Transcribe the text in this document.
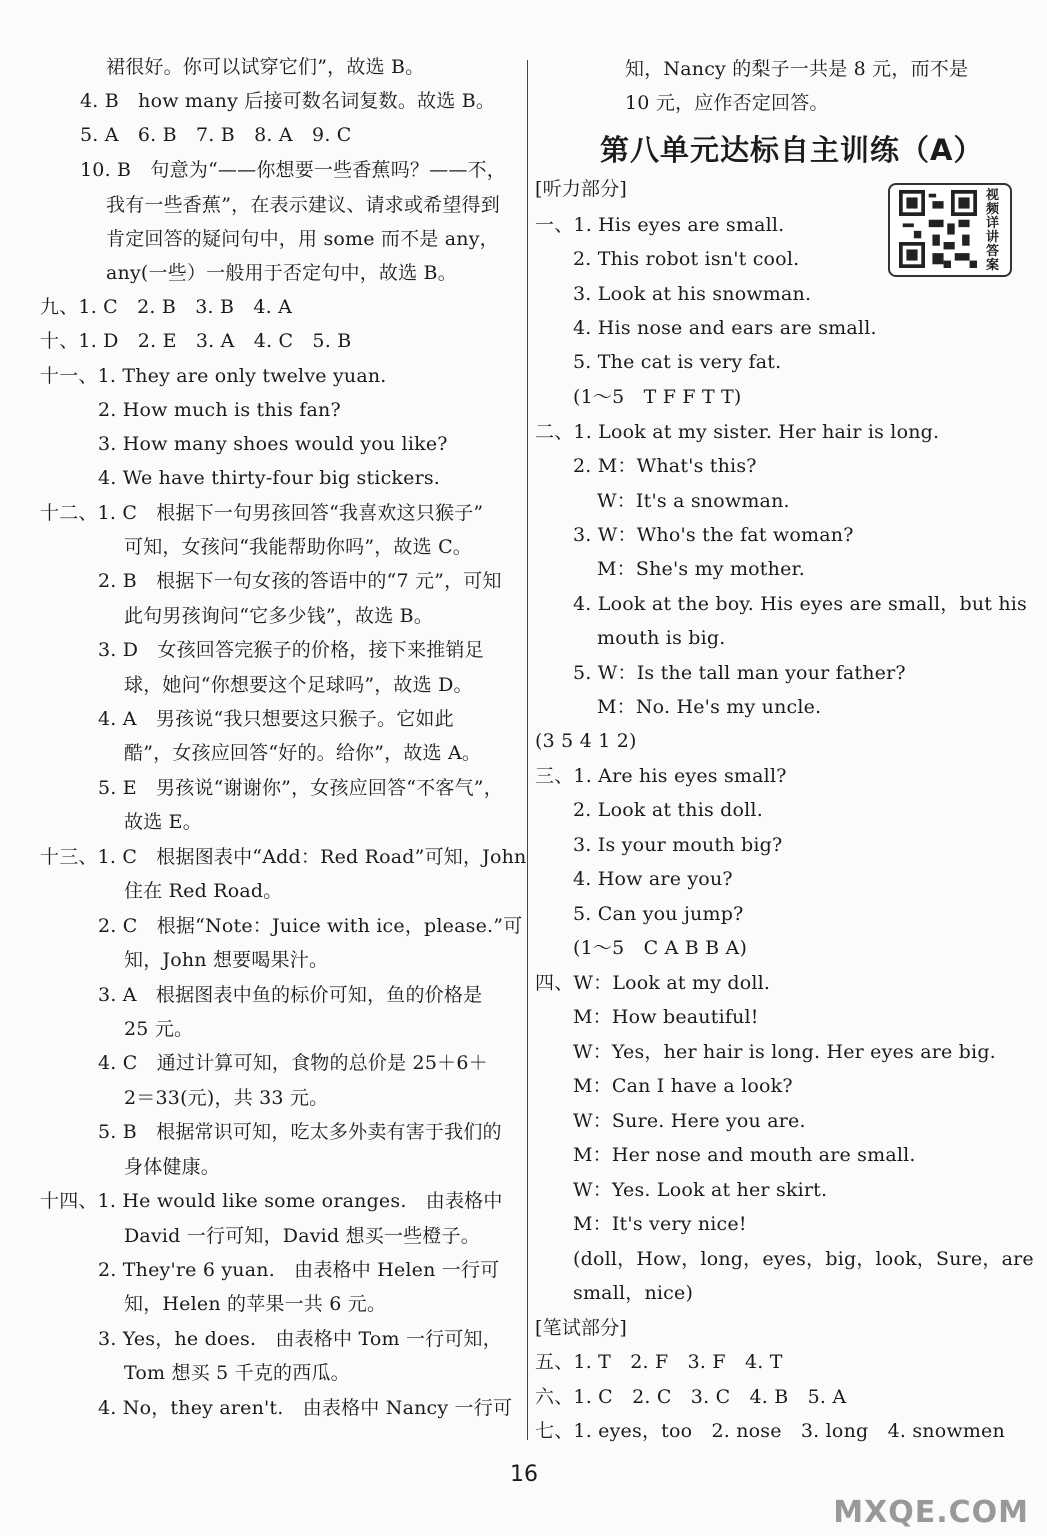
裙很好。你可以试穿它们”，故选 B。
4. B　how many 后接可数名词复数。故选 B。
5. A　6. B　7. B　8. A　9. C
10. B　句意为“——你想要一些香蕉吗？——不，
我有一些香蕉”，在表示建议、请求或希望得到
肯定回答的疑问句中，用 some 而不是 any，
any(一些）一般用于否定句中，故选 B。
九、1. C　2. B　3. B　4. A
十、1. D　2. E　3. A　4. C　5. B
十一、1. They are only twelve yuan.
2. How much is this fan?
3. How many shoes would you like?
4. We have thirty-four big stickers.
十二、1. C　根据下一句男孩回答“我喜欢这只猴子”
可知，女孩问“我能帮助你吗”，故选 C。
2. B　根据下一句女孩的答语中的“7 元”，可知
此句男孩询问“它多少钱”，故选 B。
3. D　女孩回答完猴子的价格，接下来推销足
球，她问“你想要这个足球吗”，故选 D。
4. A　男孩说“我只想要这只猴子。它如此
酷”，女孩应回答“好的。给你”，故选 A。
5. E　男孩说“谢谢你”，女孩应回答“不客气”，
故选 E。
十三、1. C　根据图表中“Add：Red Road”可知，John
住在 Red Road。
2. C　根据“Note：Juice with ice，please.”可
知，John 想要喝果汁。
3. A　根据图表中鱼的标价可知，鱼的价格是
25 元。
4. C　通过计算可知，食物的总价是 25＋6＋
2＝33(元)，共 33 元。
5. B　根据常识可知，吃太多外卖有害于我们的
身体健康。
十四、1. He would like some oranges.　由表格中
David 一行可知，David 想买一些橙子。
2. They're 6 yuan.　由表格中 Helen 一行可
知，Helen 的苹果一共 6 元。
3. Yes，he does.　由表格中 Tom 一行可知，
Tom 想买 5 千克的西瓜。
4. No，they aren't.　由表格中 Nancy 一行可
知，Nancy 的梨子一共是 8 元，而不是
10 元，应作否定回答。
[听力部分]
一、1. His eyes are small.
2. This robot isn't cool.
3. Look at his snowman.
4. His nose and ears are small.
5. The cat is very fat.
(1～5　T F F T T)
二、1. Look at my sister. Her hair is long.
2. M：What's this?
W：It's a snowman.
3. W：Who's the fat woman?
M：She's my mother.
4. Look at the boy. His eyes are small，but his
mouth is big.
5. W：Is the tall man your father?
M：No. He's my uncle.
(3 5 4 1 2)
三、1. Are his eyes small?
2. Look at this doll.
3. Is your mouth big?
4. How are you?
5. Can you jump?
(1～5　C A B B A)
四、W：Look at my doll.
M：How beautiful!
W：Yes，her hair is long. Her eyes are big.
M：Can I have a look?
W：Sure. Here you are.
M：Her nose and mouth are small.
W：Yes. Look at her skirt.
M：It's very nice!
(doll，How，long，eyes，big，look，Sure，are
small，nice)
[笔试部分]
五、1. T　2. F　3. F　4. T
六、1. C　2. C　3. C　4. B　5. A
七、1. eyes，too　2. nose　3. long　4. snowmen
第八单元达标自主训练（A）
视频详讲答案
16
MXQE.COM
